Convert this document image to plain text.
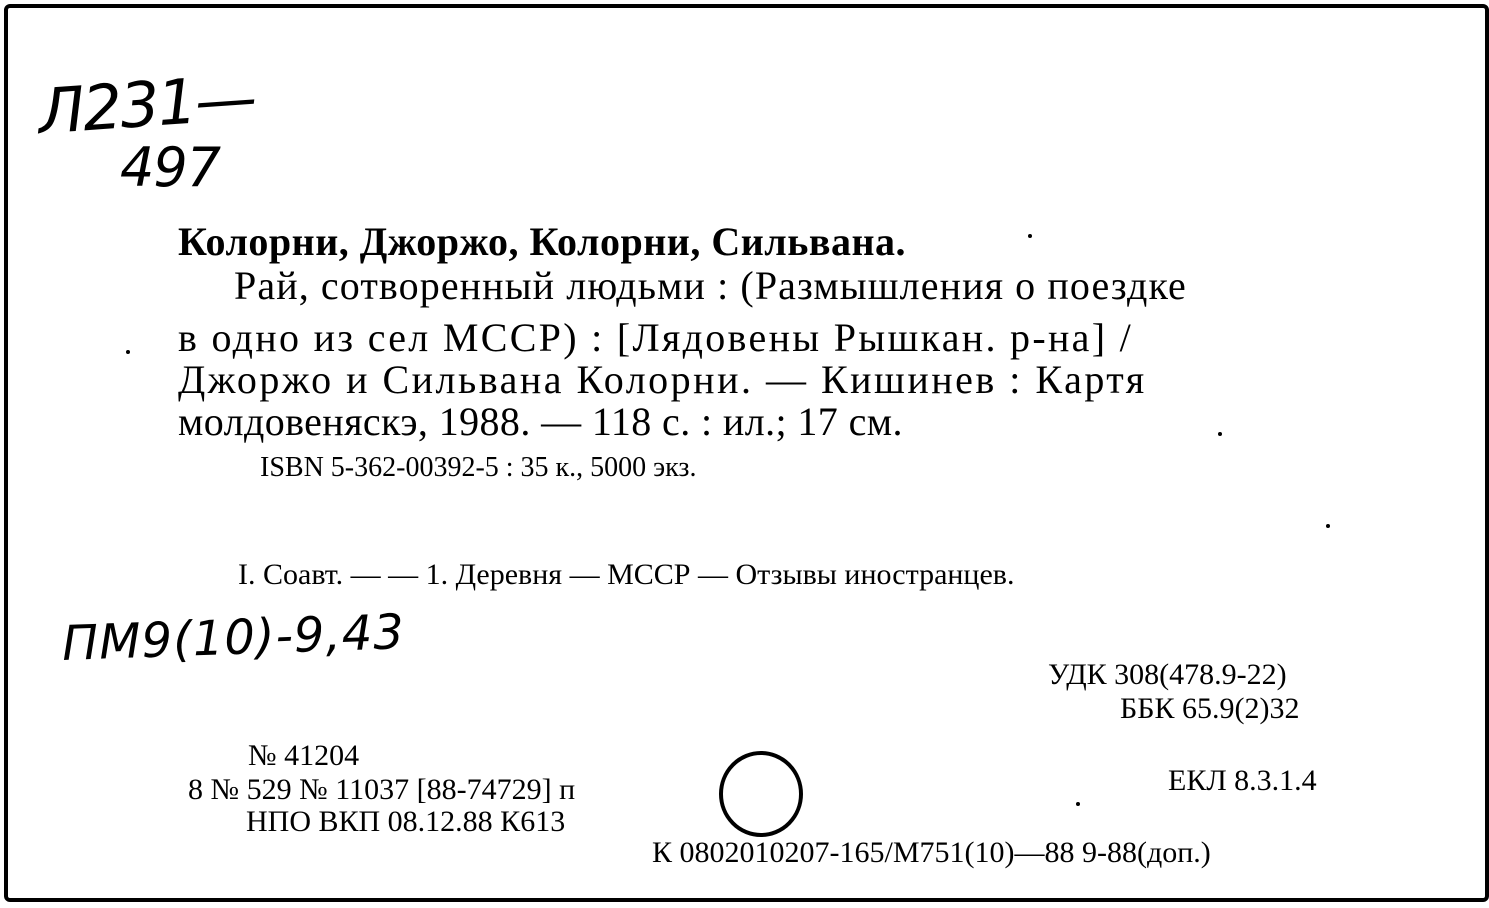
Л231—
497
Колорни, Джоржо, Колорни, Сильвана.
Рай, сотворенный людьми : (Размышления о поездке
в одно из сел МССР) : [Лядовены Рышкан. р-на] /
Джоржо и Сильвана Колорни. — Кишинев : Картя
молдовеняскэ, 1988. — 118 с. : ил.; 17 см.
ISBN 5-362-00392-5 : 35 к., 5000 экз.
I. Соавт. — — 1. Деревня — МССР — Отзывы иностранцев.
ПМ9(10)-9,43
УДК 308(478.9-22)
ББК 65.9(2)32
ЕКЛ 8.3.1.4
№ 41204
8 № 529 № 11037 [88-74729] п
НПО ВКП 08.12.88 К613
К 0802010207-165/М751(10)—88 9-88(доп.)
